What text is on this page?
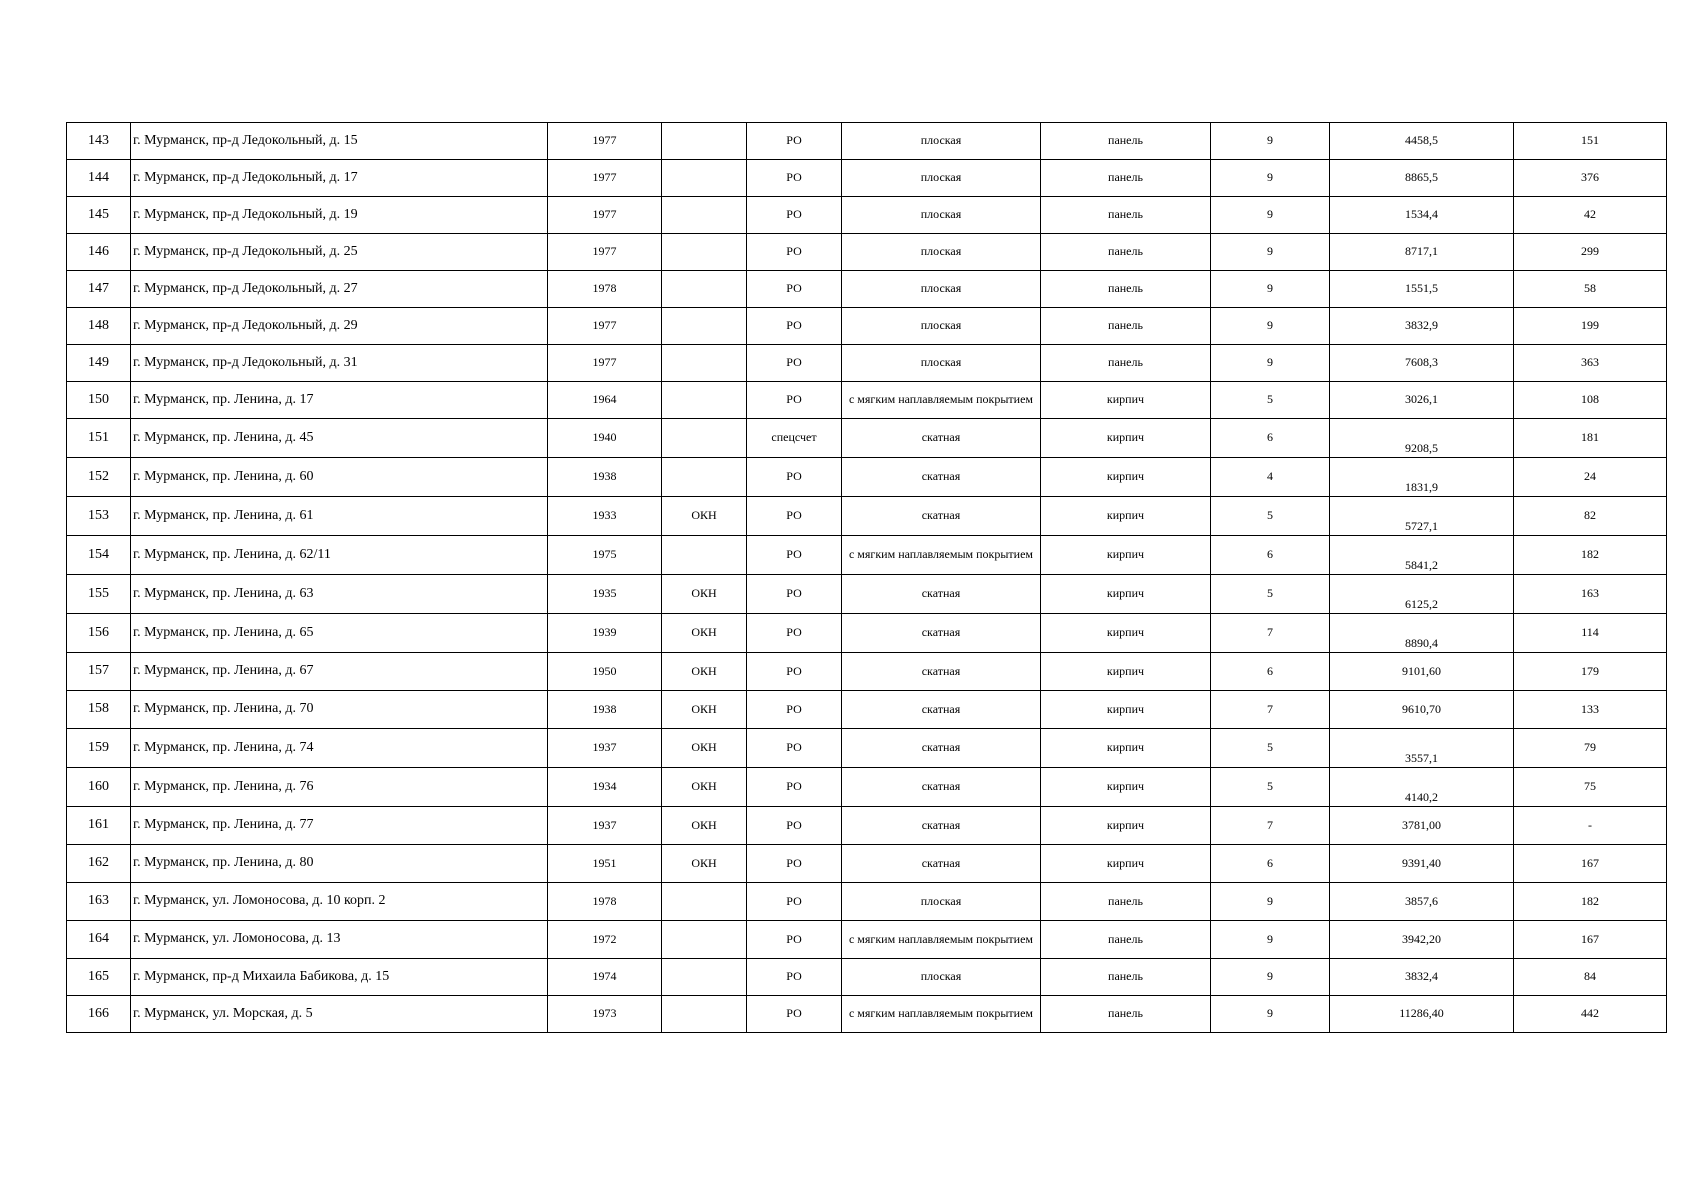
143	г. Мурманск, пр-д Ледокольный, д. 15	1977		РО	плоская	панель	9	4458,5	151
144	г. Мурманск, пр-д Ледокольный, д. 17	1977		РО	плоская	панель	9	8865,5	376
145	г. Мурманск, пр-д Ледокольный, д. 19	1977		РО	плоская	панель	9	1534,4	42
146	г. Мурманск, пр-д Ледокольный, д. 25	1977		РО	плоская	панель	9	8717,1	299
147	г. Мурманск, пр-д Ледокольный, д. 27	1978		РО	плоская	панель	9	1551,5	58
148	г. Мурманск, пр-д Ледокольный, д. 29	1977		РО	плоская	панель	9	3832,9	199
149	г. Мурманск, пр-д Ледокольный, д. 31	1977		РО	плоская	панель	9	7608,3	363
150	г. Мурманск, пр. Ленина, д. 17	1964		РО	с мягким наплавляемым покрытием	кирпич	5	3026,1	108
151	г. Мурманск, пр. Ленина, д. 45	1940		спецсчет	скатная	кирпич	6	9208,5	181
152	г. Мурманск, пр. Ленина, д. 60	1938		РО	скатная	кирпич	4	1831,9	24
153	г. Мурманск, пр. Ленина, д. 61	1933	ОКН	РО	скатная	кирпич	5	5727,1	82
154	г. Мурманск, пр. Ленина, д. 62/11	1975		РО	с мягким наплавляемым покрытием	кирпич	6	5841,2	182
155	г. Мурманск, пр. Ленина, д. 63	1935	ОКН	РО	скатная	кирпич	5	6125,2	163
156	г. Мурманск, пр. Ленина, д. 65	1939	ОКН	РО	скатная	кирпич	7	8890,4	114
157	г. Мурманск, пр. Ленина, д. 67	1950	ОКН	РО	скатная	кирпич	6	9101,60	179
158	г. Мурманск, пр. Ленина, д. 70	1938	ОКН	РО	скатная	кирпич	7	9610,70	133
159	г. Мурманск, пр. Ленина, д. 74	1937	ОКН	РО	скатная	кирпич	5	3557,1	79
160	г. Мурманск, пр. Ленина, д. 76	1934	ОКН	РО	скатная	кирпич	5	4140,2	75
161	г. Мурманск, пр. Ленина, д. 77	1937	ОКН	РО	скатная	кирпич	7	3781,00	-
162	г. Мурманск, пр. Ленина, д. 80	1951	ОКН	РО	скатная	кирпич	6	9391,40	167
163	г. Мурманск, ул. Ломоносова, д. 10 корп. 2	1978		РО	плоская	панель	9	3857,6	182
164	г. Мурманск, ул. Ломоносова, д. 13	1972		РО	с мягким наплавляемым покрытием	панель	9	3942,20	167
165	г. Мурманск, пр-д Михаила Бабикова, д. 15	1974		РО	плоская	панель	9	3832,4	84
166	г. Мурманск, ул. Морская, д. 5	1973		РО	с мягким наплавляемым покрытием	панель	9	11286,40	442
